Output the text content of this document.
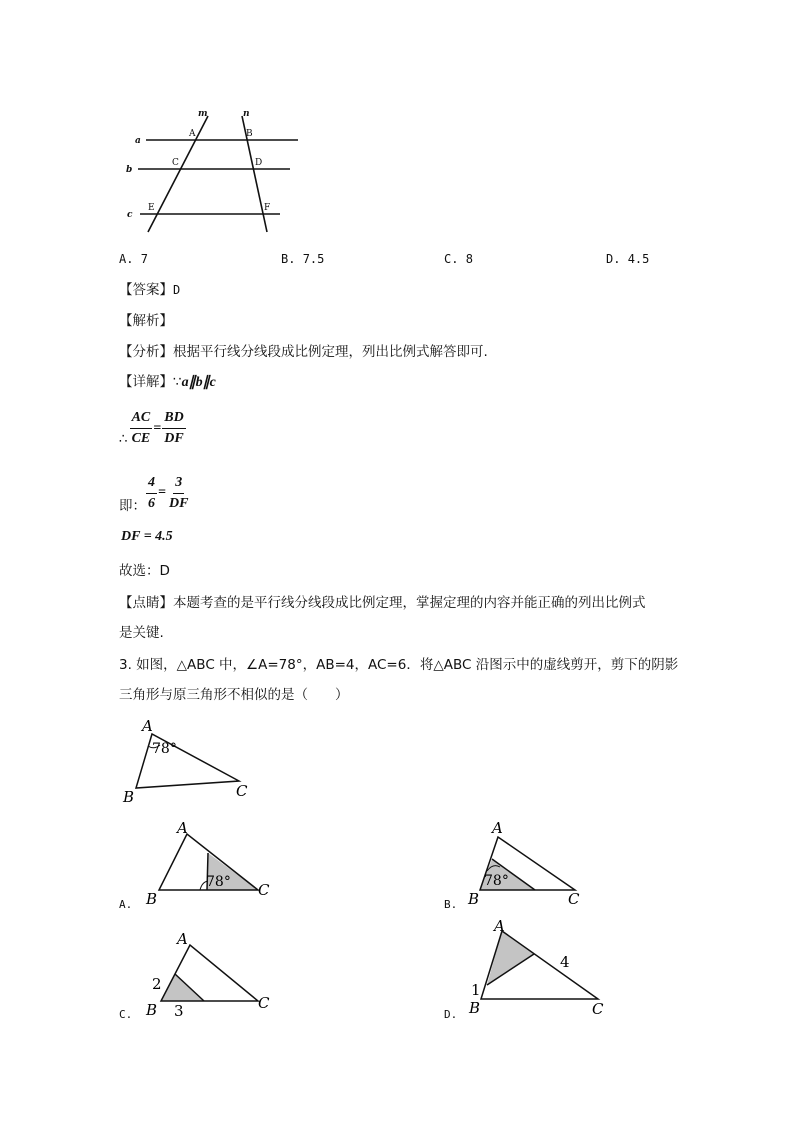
m	n
a
b
c
A	B
C	D
E	F
A. 7	B. 7.5	C. 8	D. 4.5
【答案】D
【解析】
【分析】根据平行线分线段成比例定理，列出比例式解答即可.
【详解】∵a∥b∥c
∴ $\frac{AC}{CE} = \frac{BD}{DF}$
即： $\frac{4}{6} = \frac{3}{DF}$
DF = 4.5
故选：D
【点睛】本题考查的是平行线分线段成比例定理，掌握定理的内容并能正确的列出比例式
是关键.
3. 如图，△ABC 中，∠A=78°，AB=4，AC=6．将△ABC 沿图示中的虚线剪开，剪下的阴影
三角形与原三角形不相似的是（　　）
A
B	C
78°
A.
A
B	C
78°
B.
A
B	C
78°
C.
A
B	C
2
3	D.
A
B	C
1
4
